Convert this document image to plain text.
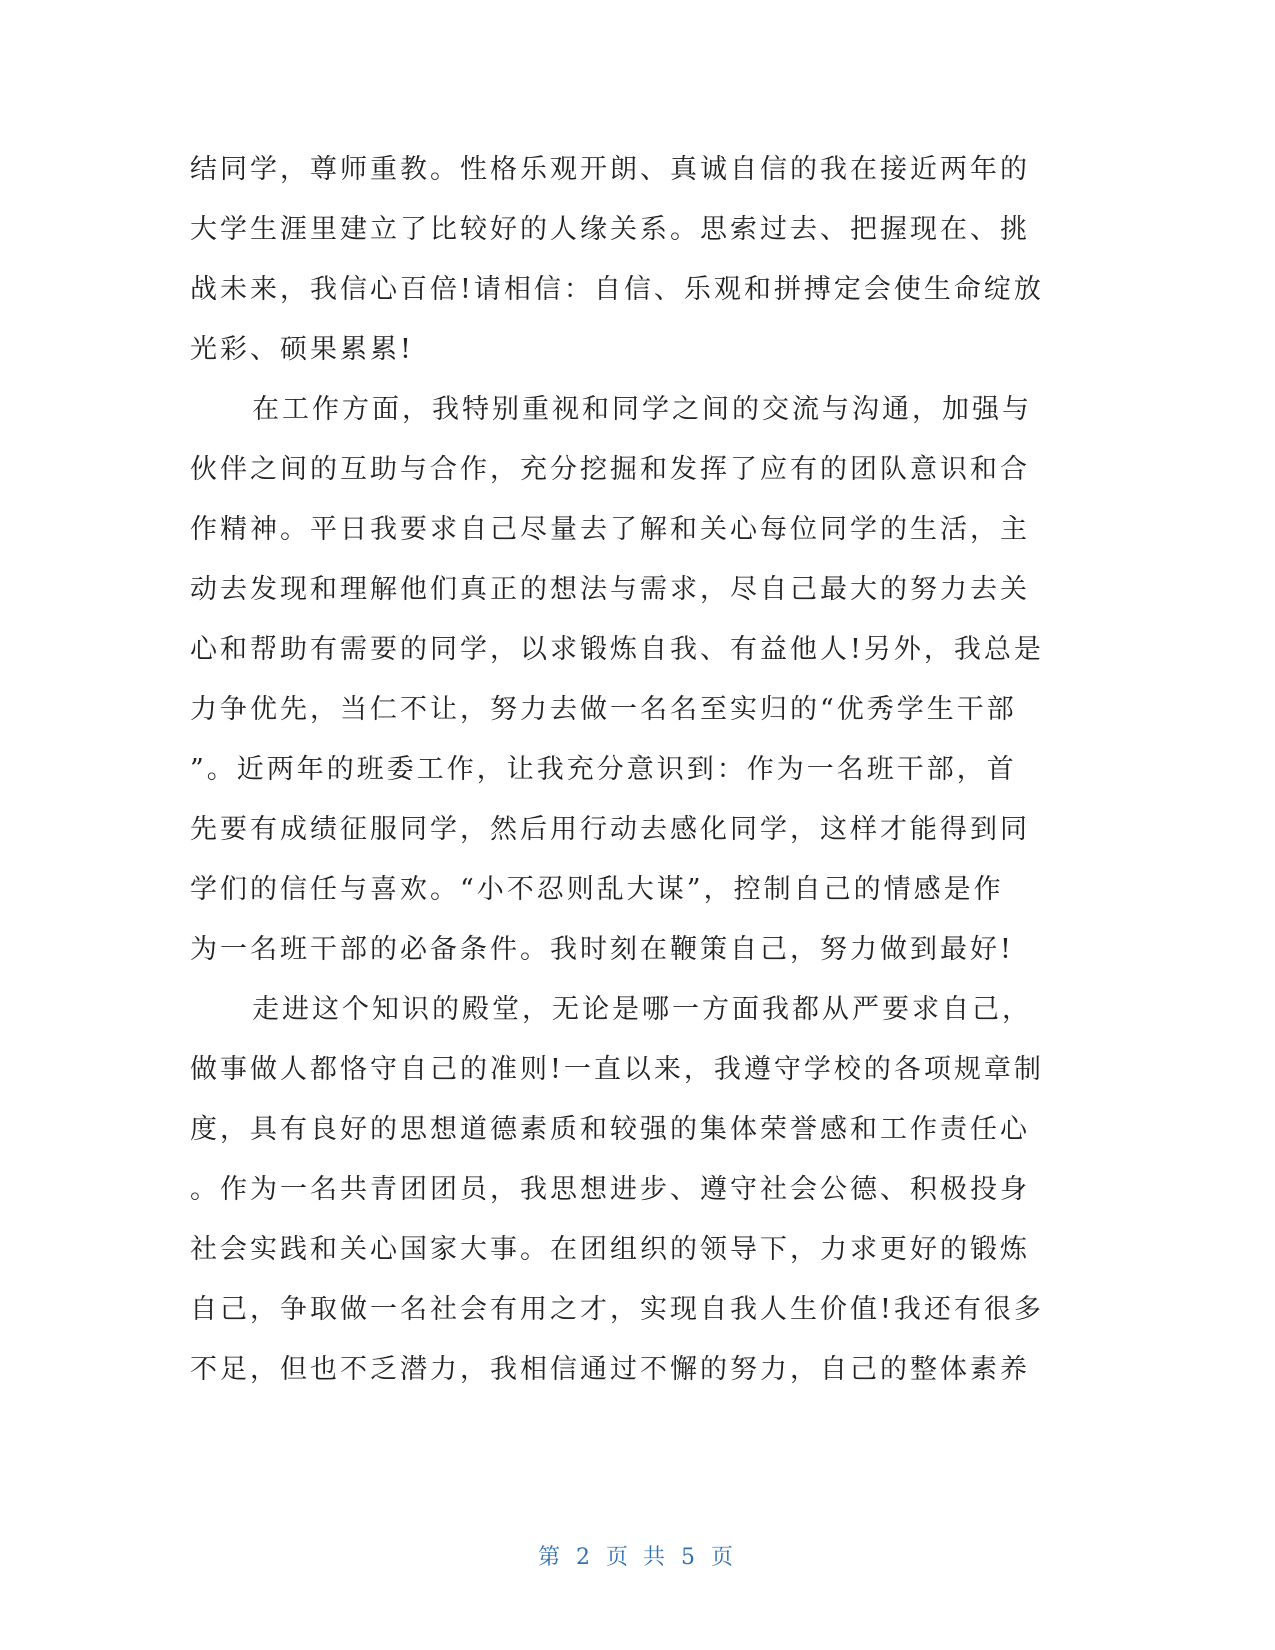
结同学，尊师重教。性格乐观开朗、真诚自信的我在接近两年的

大学生涯里建立了比较好的人缘关系。思索过去、把握现在、挑

战未来，我信心百倍!请相信：自信、乐观和拼搏定会使生命绽放

光彩、硕果累累!

在工作方面，我特别重视和同学之间的交流与沟通，加强与

伙伴之间的互助与合作，充分挖掘和发挥了应有的团队意识和合

作精神。平日我要求自己尽量去了解和关心每位同学的生活，主

动去发现和理解他们真正的想法与需求，尽自己最大的努力去关

心和帮助有需要的同学，以求锻炼自我、有益他人!另外，我总是

力争优先，当仁不让，努力去做一名名至实归的“优秀学生干部

”。近两年的班委工作，让我充分意识到：作为一名班干部，首

先要有成绩征服同学，然后用行动去感化同学，这样才能得到同

学们的信任与喜欢。“小不忍则乱大谋”，控制自己的情感是作

为一名班干部的必备条件。我时刻在鞭策自己，努力做到最好!

走进这个知识的殿堂，无论是哪一方面我都从严要求自己，

做事做人都恪守自己的准则!一直以来，我遵守学校的各项规章制

度，具有良好的思想道德素质和较强的集体荣誉感和工作责任心

。作为一名共青团团员，我思想进步、遵守社会公德、积极投身

社会实践和关心国家大事。在团组织的领导下，力求更好的锻炼

自己，争取做一名社会有用之才，实现自我人生价值!我还有很多

不足，但也不乏潜力，我相信通过不懈的努力，自己的整体素养

第 2 页 共 5 页
